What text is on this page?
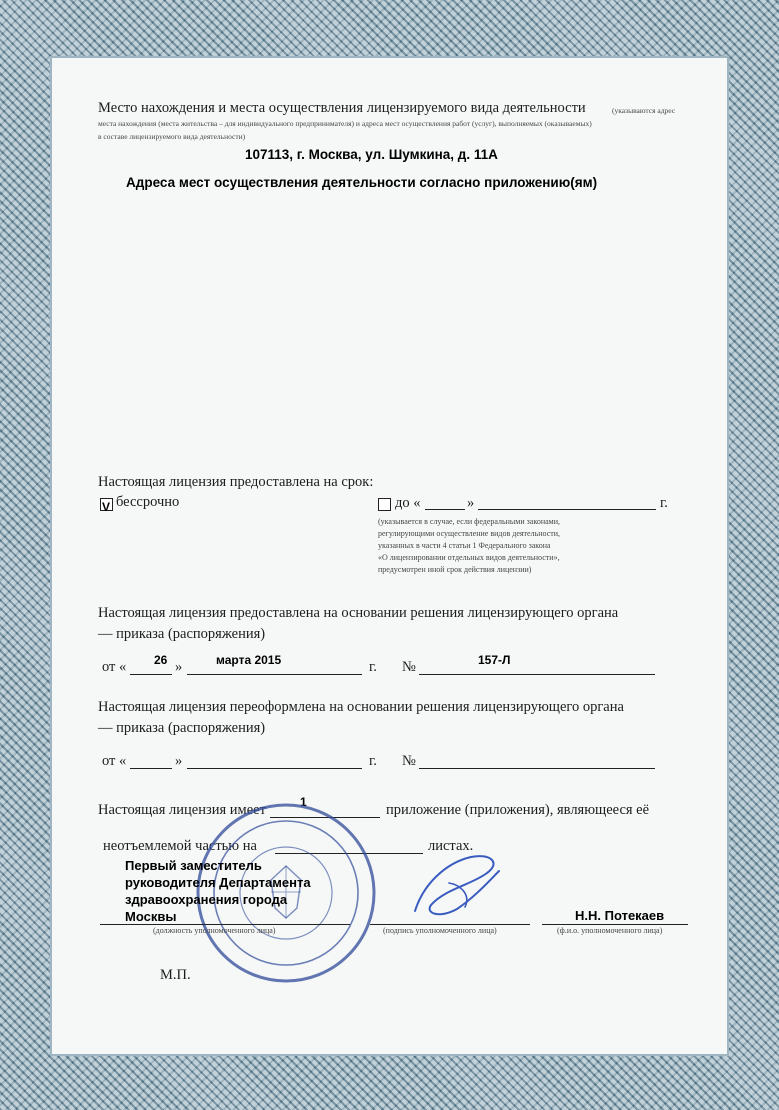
Место нахождения и места осуществления лицензируемого вида деятельности	(указываются адрес
места нахождения (места жительства – для индивидуального предпринимателя) и адреса мест осуществления работ (услуг), выполняемых (оказываемых)
в составе лицензируемого вида деятельности)
107113, г. Москва, ул. Шумкина, д. 11А
Адреса мест осуществления деятельности согласно приложению(ям)
Настоящая лицензия предоставлена на срок:
V бессрочно	до «	»	г.
(указывается в случае, если федеральными законами,
регулирующими осуществление видов деятельности,
указанных в части 4 статьи 1 Федерального закона
«О лицензировании отдельных видов деятельности»,
предусмотрен иной срок действия лицензии)
Настоящая лицензия предоставлена на основании решения лицензирующего органа
— приказа (распоряжения)
от « 26 »	марта 2015	г. №	157-Л
Настоящая лицензия переоформлена на основании решения лицензирующего органа
— приказа (распоряжения)
от «	»	г. №
Настоящая лицензия имеет	1	приложение (приложения), являющееся её
неотъемлемой частью на	листах.
Первый заместитель
руководителя Департамента
здравоохранения города
Москвы	Н.Н. Потекаев
(должность уполномоченного лица)	(подпись уполномоченного лица)	(ф.и.о. уполномоченного лица)
М.П.
